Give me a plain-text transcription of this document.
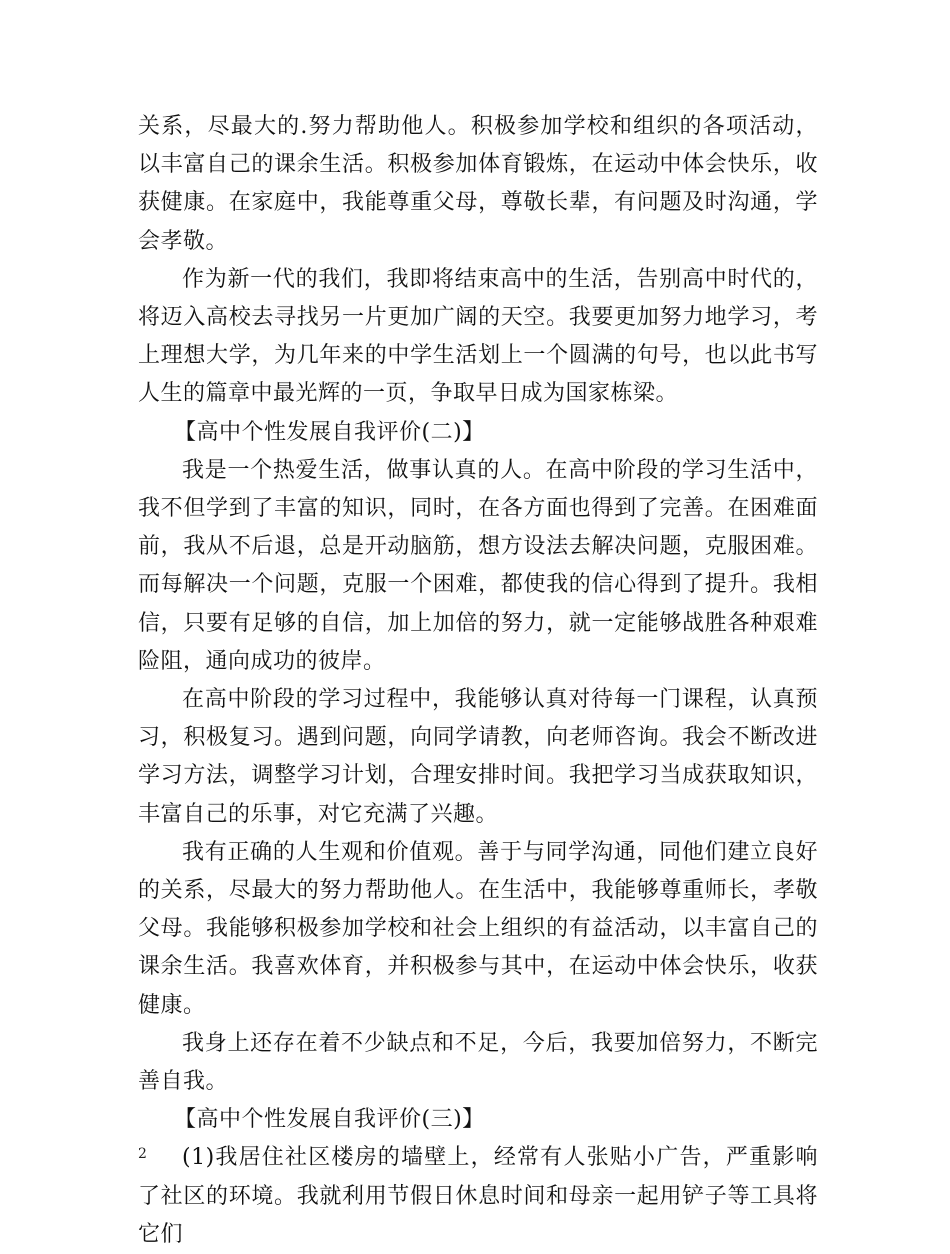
关系，尽最大的.努力帮助他人。积极参加学校和组织的各项活动，以丰富自己的课余生活。积极参加体育锻炼，在运动中体会快乐，收获健康。在家庭中，我能尊重父母，尊敬长辈，有问题及时沟通，学会孝敬。

作为新一代的我们，我即将结束高中的生活，告别高中时代的，将迈入高校去寻找另一片更加广阔的天空。我要更加努力地学习，考上理想大学，为几年来的中学生活划上一个圆满的句号，也以此书写人生的篇章中最光辉的一页，争取早日成为国家栋梁。

【高中个性发展自我评价(二)】

我是一个热爱生活，做事认真的人。在高中阶段的学习生活中，我不但学到了丰富的知识，同时，在各方面也得到了完善。在困难面前，我从不后退，总是开动脑筋，想方设法去解决问题，克服困难。而每解决一个问题，克服一个困难，都使我的信心得到了提升。我相信，只要有足够的自信，加上加倍的努力，就一定能够战胜各种艰难险阻，通向成功的彼岸。

在高中阶段的学习过程中，我能够认真对待每一门课程，认真预习，积极复习。遇到问题，向同学请教，向老师咨询。我会不断改进学习方法，调整学习计划，合理安排时间。我把学习当成获取知识，丰富自己的乐事，对它充满了兴趣。

我有正确的人生观和价值观。善于与同学沟通，同他们建立良好的关系，尽最大的努力帮助他人。在生活中，我能够尊重师长，孝敬父母。我能够积极参加学校和社会上组织的有益活动，以丰富自己的课余生活。我喜欢体育，并积极参与其中，在运动中体会快乐，收获健康。

我身上还存在着不少缺点和不足，今后，我要加倍努力，不断完善自我。

【高中个性发展自我评价(三)】

(1)我居住社区楼房的墙壁上，经常有人张贴小广告，严重影响了社区的环境。我就利用节假日休息时间和母亲一起用铲子等工具将它们

2
